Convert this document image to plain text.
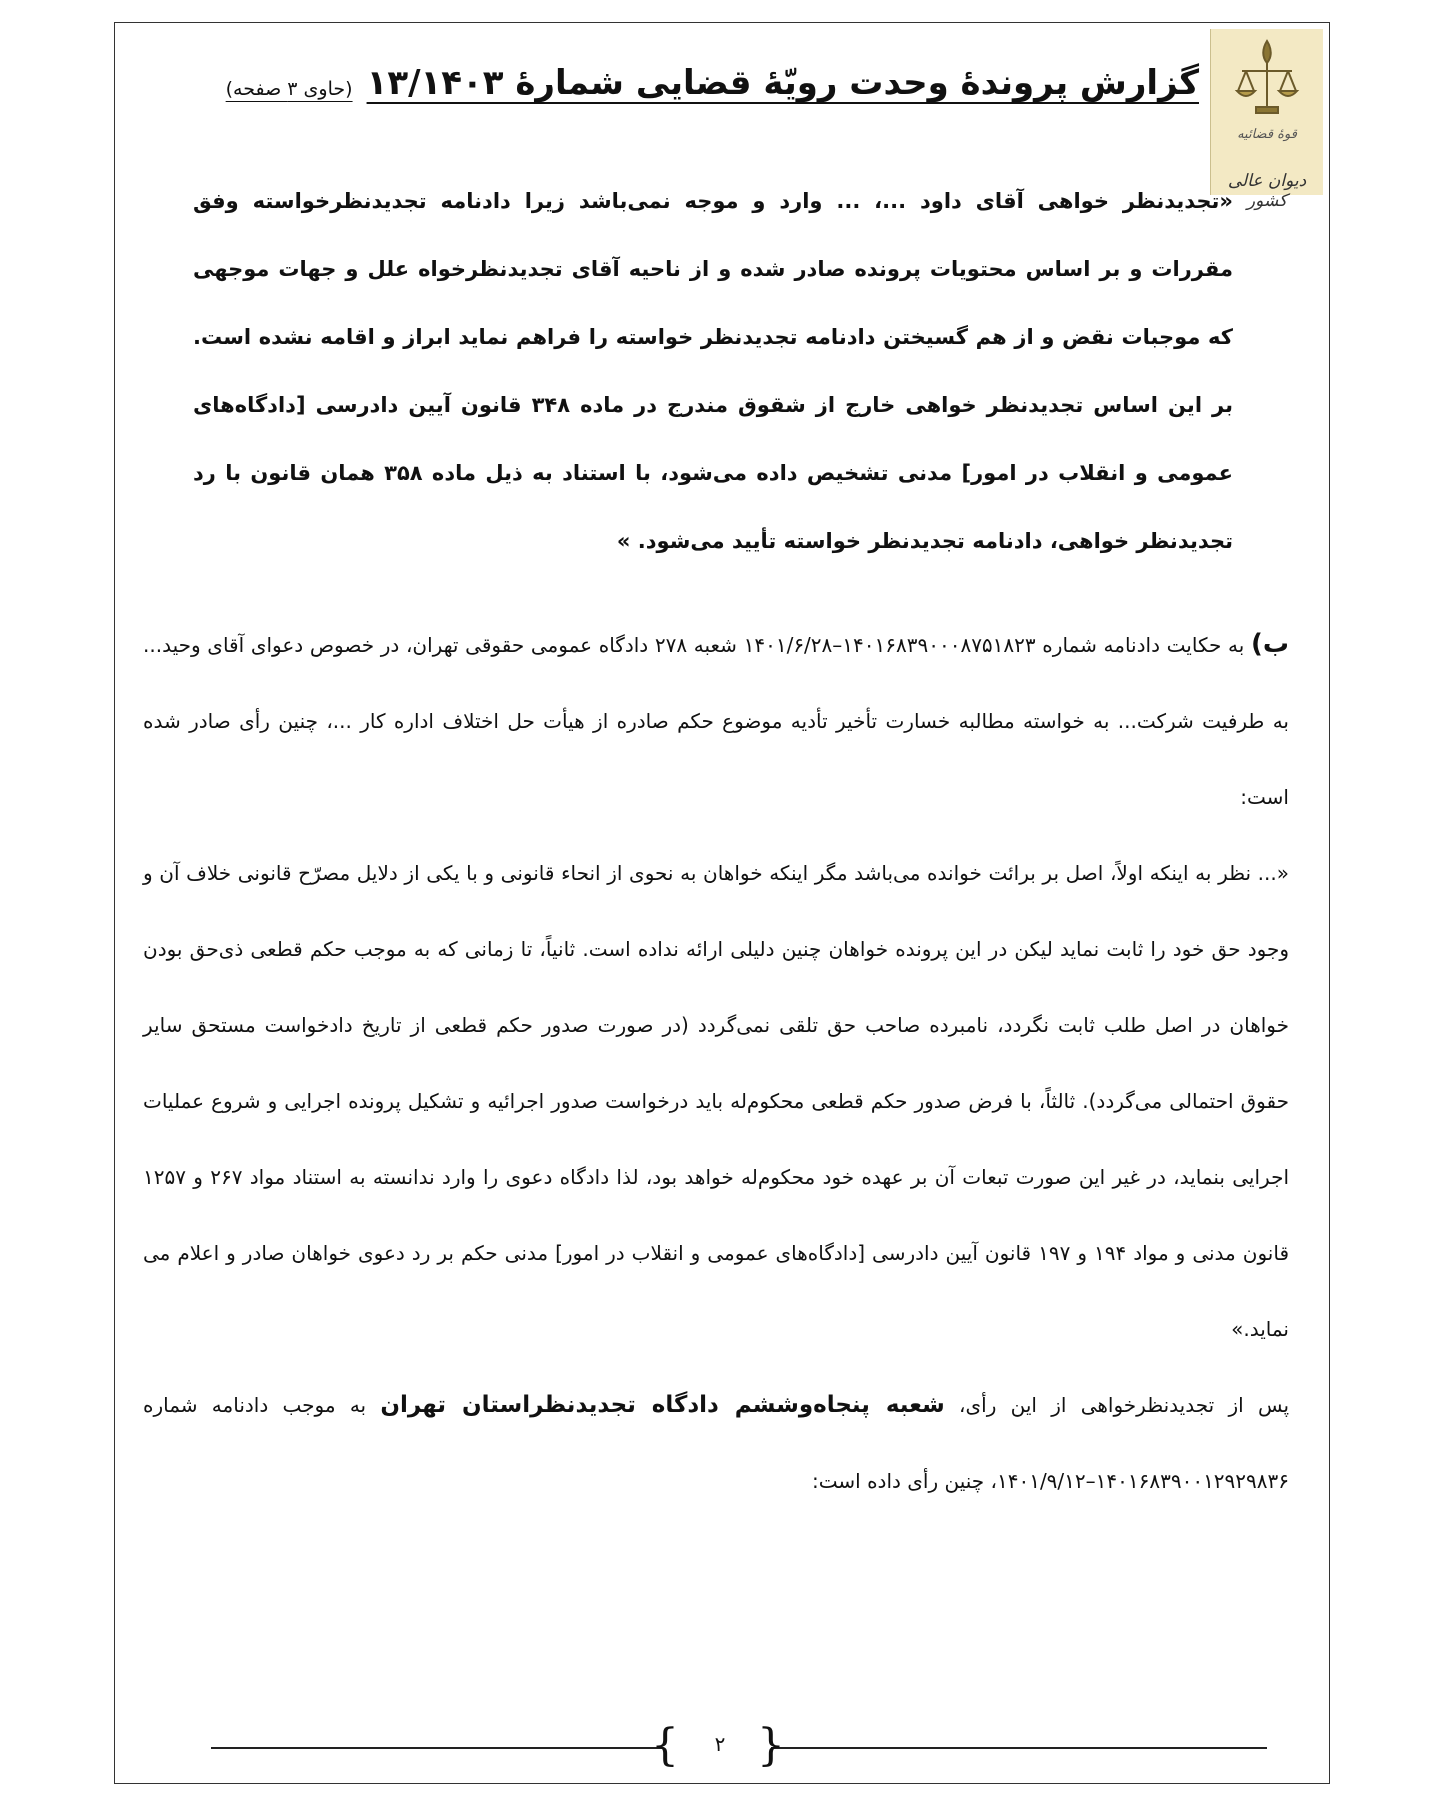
قوهٔ قضائیه
دیوان عالی کشور
گزارش پروندهٔ وحدت رویّهٔ قضایی شمارهٔ ۱۳/۱۴۰۳
(حاوی ۳ صفحه)

«تجدیدنظر خواهی آقای داود ...، ... وارد و موجه نمی‌باشد زیرا دادنامه تجدیدنظرخواسته وفق مقررات و بر اساس محتویات پرونده صادر شده و از ناحیه آقای تجدیدنظرخواه علل و جهات موجهی که موجبات نقض و از هم گسیختن دادنامه تجدیدنظر خواسته را فراهم نماید ابراز و اقامه نشده است. بر این اساس تجدیدنظر خواهی خارج از شقوق مندرج در ماده ۳۴۸ قانون آیین دادرسی [دادگاه‌های عمومی و انقلاب در امور] مدنی تشخیص داده می‌شود، با استناد به ذیل ماده ۳۵۸ همان قانون با رد تجدیدنظر خواهی، دادنامه تجدیدنظر خواسته تأیید می‌شود. »

ب) به حکایت دادنامه شماره ۱۴۰۱۶۸۳۹۰۰۰۸۷۵۱۸۲۳–۱۴۰۱/۶/۲۸ شعبه ۲۷۸ دادگاه عمومی حقوقی تهران، در خصوص دعوای آقای وحید... به طرفیت شرکت... به خواسته مطالبه خسارت تأخیر تأدیه موضوع حکم صادره از هیأت حل اختلاف اداره کار ...، چنین رأی صادر شده است:

«... نظر به اینکه اولاً، اصل بر برائت خوانده می‌باشد مگر اینکه خواهان به نحوی از انحاء قانونی و با یکی از دلایل مصرّح قانونی خلاف آن و وجود حق خود را ثابت نماید لیکن در این پرونده خواهان چنین دلیلی ارائه نداده است. ثانیاً، تا زمانی که به موجب حکم قطعی ذی‌حق بودن خواهان در اصل طلب ثابت نگردد، نامبرده صاحب حق تلقی نمی‌گردد (در صورت صدور حکم قطعی از تاریخ دادخواست مستحق سایر حقوق احتمالی می‌گردد). ثالثاً، با فرض صدور حکم قطعی محکوم‌له باید درخواست صدور اجرائیه و تشکیل پرونده اجرایی و شروع عملیات اجرایی بنماید، در غیر این صورت تبعات آن بر عهده خود محکوم‌له خواهد بود، لذا دادگاه دعوی را وارد ندانسته به استناد مواد ۲۶۷ و ۱۲۵۷ قانون مدنی و مواد ۱۹۴ و ۱۹۷ قانون آیین دادرسی [دادگاه‌های عمومی و انقلاب در امور] مدنی حکم بر رد دعوی خواهان صادر و اعلام می نماید.»

پس از تجدیدنظرخواهی از این رأی، شعبه پنجاه‌وششم دادگاه تجدیدنظراستان تهران به موجب دادنامه شماره ۱۴۰۱۶۸۳۹۰۰۱۲۹۲۹۸۳۶–۱۴۰۱/۹/۱۲، چنین رأی داده است:

{	۲ }
